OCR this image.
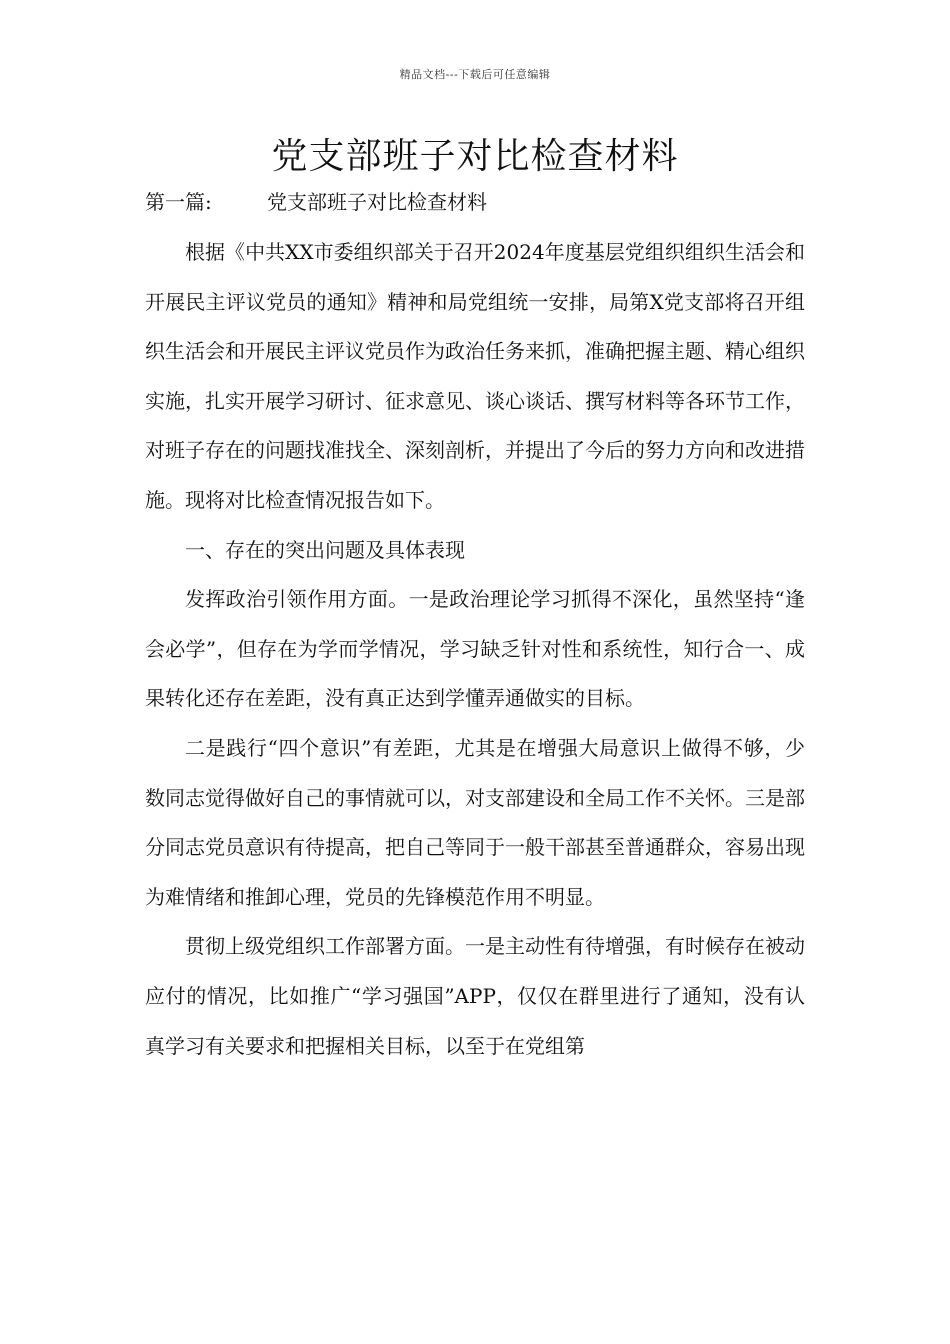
精品文档---下载后可任意编辑
党支部班子对比检查材料
第一篇:	党支部班子对比检查材料

根据《中共XX市委组织部关于召开2024年度基层党组织组织生活会和开展民主评议党员的通知》精神和局党组统一安排，局第X党支部将召开组织生活会和开展民主评议党员作为政治任务来抓，准确把握主题、精心组织实施，扎实开展学习研讨、征求意见、谈心谈话、撰写材料等各环节工作，对班子存在的问题找准找全、深刻剖析，并提出了今后的努力方向和改进措施。现将对比检查情况报告如下。

一、存在的突出问题及具体表现

发挥政治引领作用方面。一是政治理论学习抓得不深化，虽然坚持“逢会必学”，但存在为学而学情况，学习缺乏针对性和系统性，知行合一、成果转化还存在差距，没有真正达到学懂弄通做实的目标。

二是践行“四个意识”有差距，尤其是在增强大局意识上做得不够，少数同志觉得做好自己的事情就可以，对支部建设和全局工作不关怀。三是部分同志党员意识有待提高，把自己等同于一般干部甚至普通群众，容易出现为难情绪和推卸心理，党员的先锋模范作用不明显。

贯彻上级党组织工作部署方面。一是主动性有待增强，有时候存在被动应付的情况，比如推广“学习强国”APP，仅仅在群里进行了通知，没有认真学习有关要求和把握相关目标，以至于在党组第
